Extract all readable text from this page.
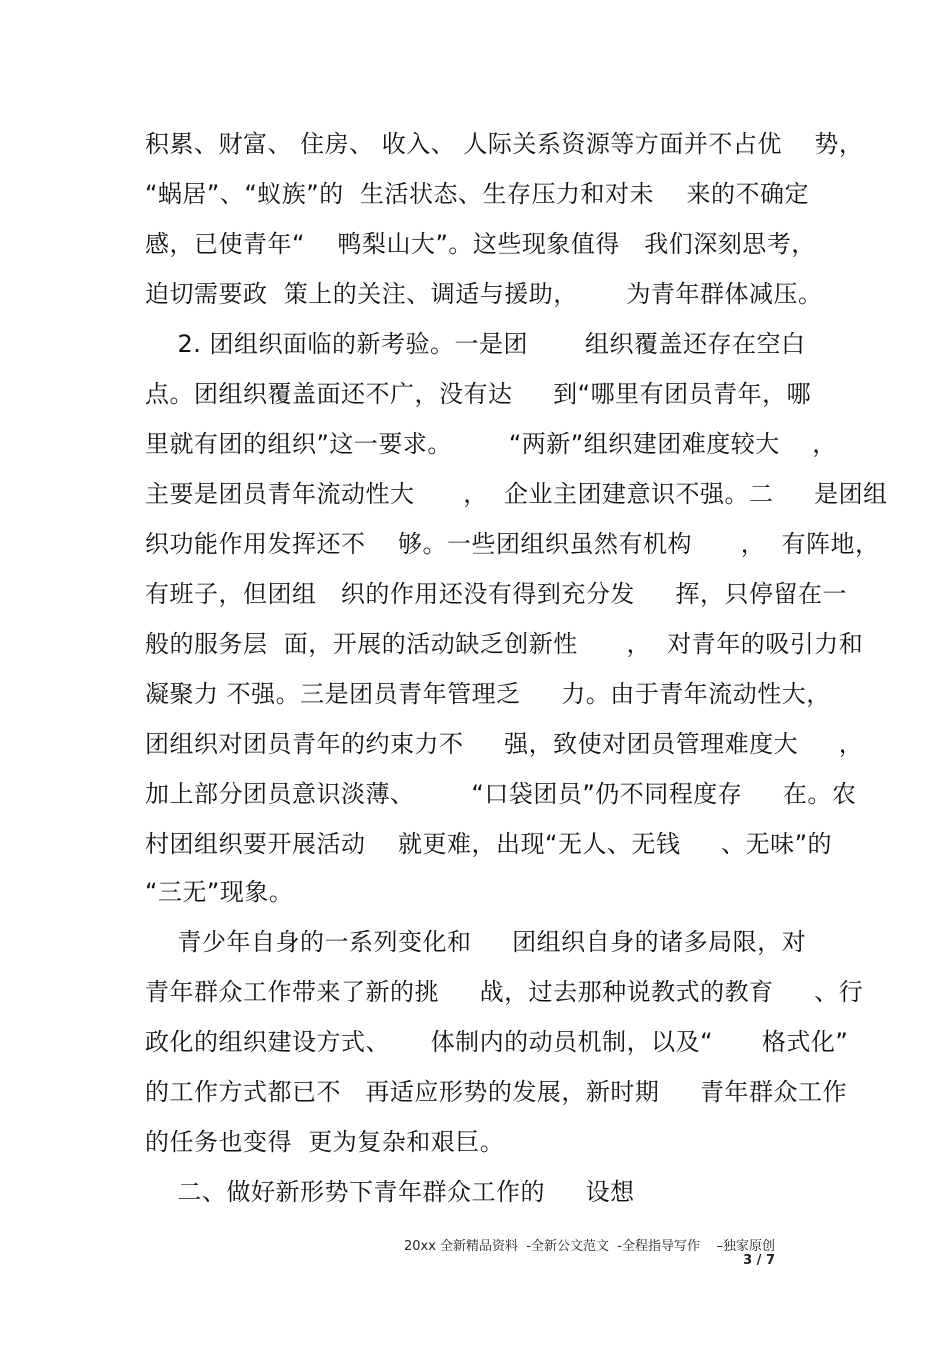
积累、财富、 住房、 收入、 人际关系资源等方面并不占优    势，
“蜗居”、“蚁族”的  生活状态、生存压力和对未    来的不确定
感，已使青年“    鸭梨山大”。这些现象值得   我们深刻思考，
迫切需要政  策上的关注、调适与援助，      为青年群体减压。
2. 团组织面临的新考验。一是团       组织覆盖还存在空白
点。团组织覆盖面还不广，没有达     到“哪里有团员青年，哪
里就有团的组织”这一要求。       “两新”组织建团难度较大    ，
主要是团员青年流动性大      ，  企业主团建意识不强。二     是团组
织功能作用发挥还不    够。一些团组织虽然有机构      ，  有阵地，
有班子，但团组   织的作用还没有得到充分发     挥，只停留在一
般的服务层  面，开展的活动缺乏创新性      ，  对青年的吸引力和
凝聚力 不强。三是团员青年管理乏     力。由于青年流动性大，
团组织对团员青年的约束力不     强，致使对团员管理难度大     ，
加上部分团员意识淡薄、       “口袋团员”仍不同程度存     在。农
村团组织要开展活动    就更难，出现“无人、无钱     、无味”的
“三无”现象。
青少年自身的一系列变化和     团组织自身的诸多局限，对
青年群众工作带来了新的挑     战，过去那种说教式的教育     、行
政化的组织建设方式、     体制内的动员机制，以及“      格式化”
的工作方式都已不   再适应形势的发展，新时期     青年群众工作
的任务也变得  更为复杂和艰巨。
二、做好新形势下青年群众工作的     设想
20xx 全新精品资料  -全新公文范文  -全程指导写作    –独家原创
3 / 7
